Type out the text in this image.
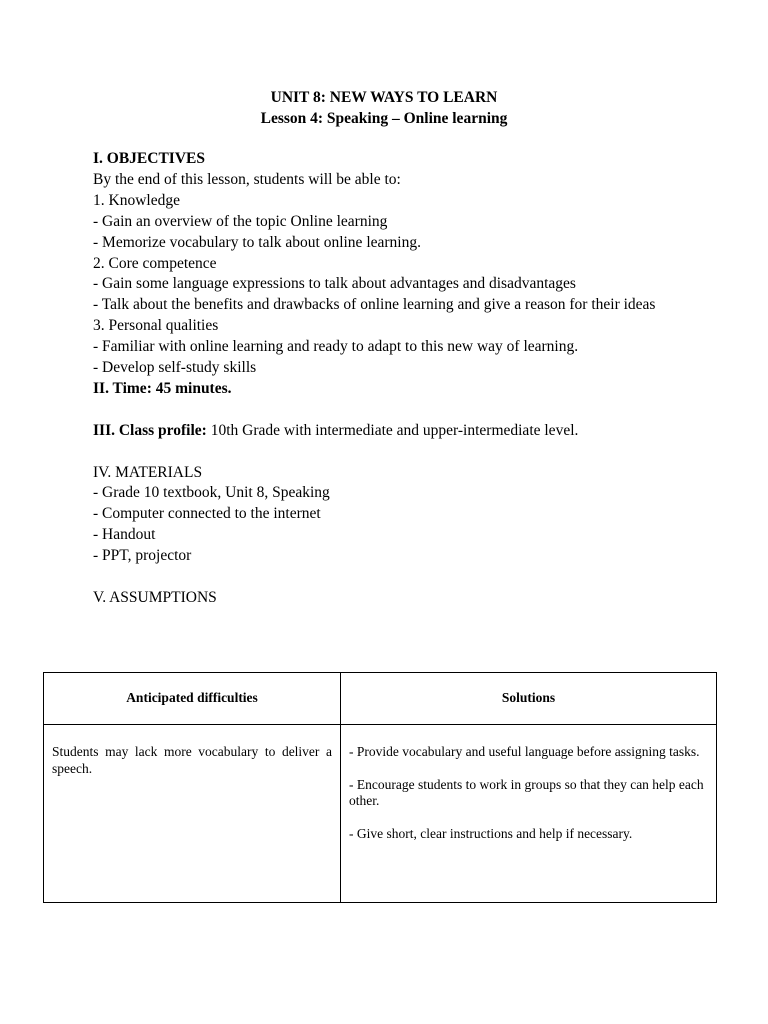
UNIT 8: NEW WAYS TO LEARN
Lesson 4: Speaking – Online learning
I. OBJECTIVES
By the end of this lesson, students will be able to:
1. Knowledge
- Gain an overview of the topic Online learning
- Memorize vocabulary to talk about online learning.
2. Core competence
- Gain some language expressions to talk about advantages and disadvantages
- Talk about the benefits and drawbacks of online learning and give a reason for their ideas
3. Personal qualities
- Familiar with online learning and ready to adapt to this new way of learning.
- Develop self-study skills
II. Time: 45 minutes.
III. Class profile: 10th Grade with intermediate and upper-intermediate level.
IV. MATERIALS
- Grade 10 textbook, Unit 8, Speaking
- Computer connected to the internet
- Handout
- PPT, projector
V. ASSUMPTIONS
Anticipated difficulties	Solutions
Students may lack more vocabulary to deliver a speech.	- Provide vocabulary and useful language before assigning tasks.

- Encourage students to work in groups so that they can help each other.

- Give short, clear instructions and help if necessary.
